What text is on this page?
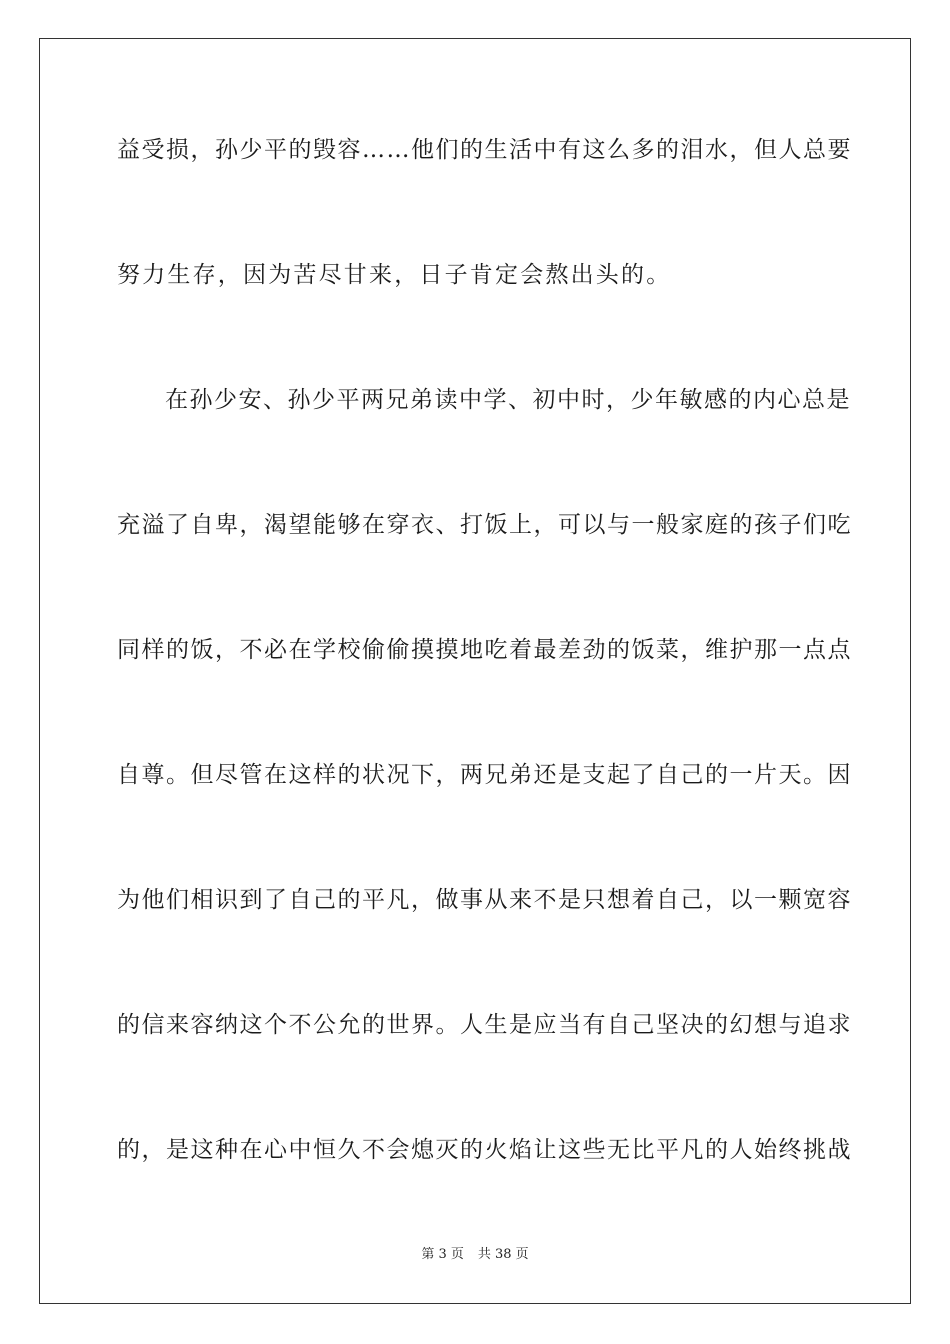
益受损，孙少平的毁容……他们的生活中有这么多的泪水，但人总要
努力生存，因为苦尽甘来，日子肯定会熬出头的。
在孙少安、孙少平两兄弟读中学、初中时，少年敏感的内心总是
充溢了自卑，渴望能够在穿衣、打饭上，可以与一般家庭的孩子们吃
同样的饭，不必在学校偷偷摸摸地吃着最差劲的饭菜，维护那一点点
自尊。但尽管在这样的状况下，两兄弟还是支起了自己的一片天。因
为他们相识到了自己的平凡，做事从来不是只想着自己，以一颗宽容
的信来容纳这个不公允的世界。人生是应当有自己坚决的幻想与追求
的，是这种在心中恒久不会熄灭的火焰让这些无比平凡的人始终挑战
第 3 页 共 38 页
